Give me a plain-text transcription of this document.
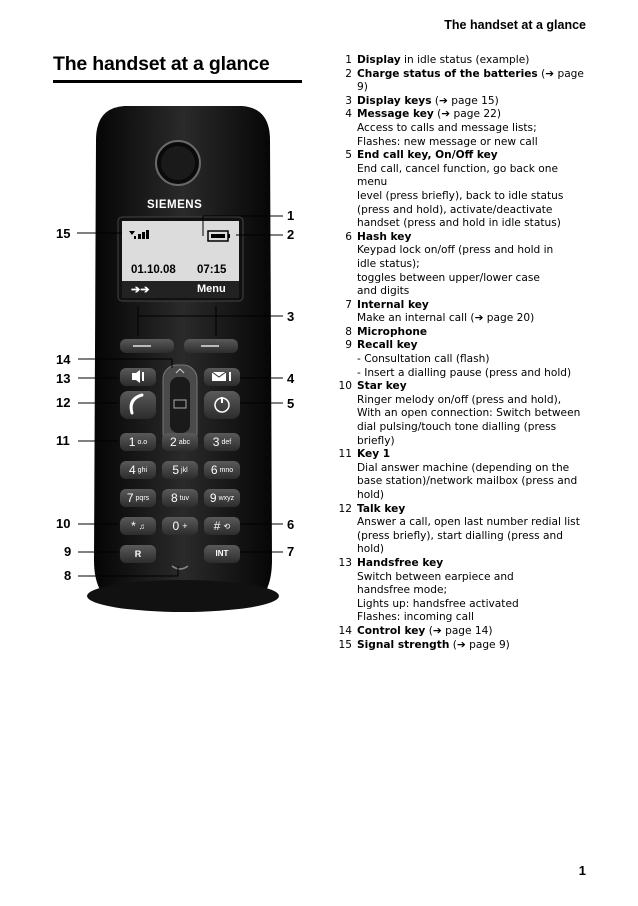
The handset at a glance
The handset at a glance
SIEMENS
01.10.08 07:15
➔➔	Menu
1 ᴏ.ᴏ 2 abc 3 def
4 ghi 5 jkl 6 mno
7 pqrs 8 tuv 9 wxyz
* ♫ 0 + # ⟲
R	INT
1
2
3
4
5
6
7
8
9
10
11
12
13
14
15
1 Display in idle status (example)
2 Charge status of the batteries (➔ page 9)
3 Display keys (➔ page 15)
4 Message key (➔ page 22)
Access to calls and message lists;
Flashes: new message or new call
5 End call key, On/Off key
End call, cancel function, go back one menu
level (press briefly), back to idle status
(press and hold), activate/deactivate
handset (press and hold in idle status)
6 Hash key
Keypad lock on/off (press and hold in
idle status);
toggles between upper/lower case
and digits
7 Internal key
Make an internal call (➔ page 20)
8 Microphone
9 Recall key
- Consultation call (flash)
- Insert a dialling pause (press and hold)
10 Star key
Ringer melody on/off (press and hold),
With an open connection: Switch between
dial pulsing/touch tone dialling (press
briefly)
11 Key 1
Dial answer machine (depending on the
base station)/network mailbox (press and
hold)
12 Talk key
Answer a call, open last number redial list
(press briefly), start dialling (press and hold)
13 Handsfree key
Switch between earpiece and
handsfree mode;
Lights up: handsfree activated
Flashes: incoming call
14 Control key (➔ page 14)
15 Signal strength (➔ page 9)
1
